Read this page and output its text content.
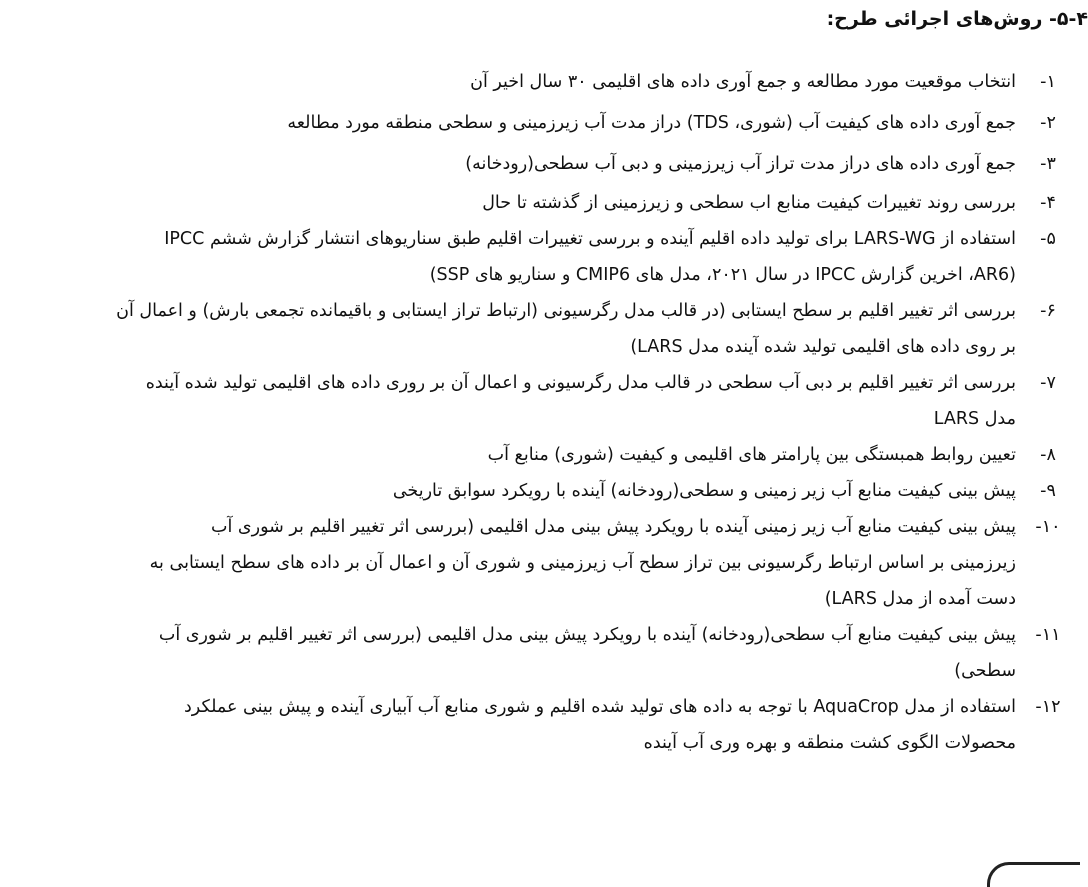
۵-۴- روش‌های اجرائی طرح:
۱-
انتخاب موقعیت مورد مطالعه و جمع آوری داده های اقلیمی ۳۰ سال اخیر آن
۲-
جمع آوری داده های کیفیت آب (شوری، TDS) دراز مدت آب زیرزمینی و سطحی منطقه مورد مطالعه
۳-
جمع آوری داده های دراز مدت تراز آب زیرزمینی و دبی آب سطحی(رودخانه)
۴-
بررسی روند تغییرات کیفیت منابع اب سطحی و زیرزمینی از گذشته تا حال
۵-
استفاده از LARS-WG برای تولید داده اقلیم آینده و بررسی تغییرات اقلیم طبق سناریوهای انتشار گزارش ششم IPCC
(AR6، اخرین گزارش IPCC در سال ۲۰۲۱، مدل های CMIP6 و سناریو های SSP)
۶-
بررسی اثر تغییر اقلیم بر سطح ایستابی (در قالب مدل رگرسیونی (ارتباط تراز ایستابی و باقیمانده تجمعی بارش) و اعمال آن
بر روی داده های اقلیمی تولید شده آینده مدل LARS)
۷-
بررسی اثر تغییر اقلیم بر دبی آب سطحی در قالب مدل رگرسیونی و اعمال آن بر روری داده های اقلیمی تولید شده آینده
مدل LARS
۸-
تعیین روابط همبستگی بین پارامتر های اقلیمی و کیفیت (شوری) منابع آب
۹-
پیش بینی کیفیت منابع آب زیر زمینی و سطحی(رودخانه) آینده با رویکرد سوابق تاریخی
۱۰-
پیش بینی کیفیت منابع آب زیر زمینی آینده با رویکرد پیش بینی مدل اقلیمی (بررسی اثر تغییر اقلیم بر شوری آب
زیرزمینی بر اساس ارتباط رگرسیونی بین تراز سطح آب زیرزمینی و شوری آن و اعمال آن بر داده های سطح ایستابی به
دست آمده از مدل LARS)
۱۱-
پیش بینی کیفیت منابع آب سطحی(رودخانه) آینده با رویکرد پیش بینی مدل اقلیمی (بررسی اثر تغییر اقلیم بر شوری آب
سطحی)
۱۲-
استفاده از مدل AquaCrop با توجه به داده های تولید شده اقلیم و شوری منابع آب آبیاری آینده و پیش بینی عملکرد
محصولات الگوی کشت منطقه و بهره وری آب آینده
